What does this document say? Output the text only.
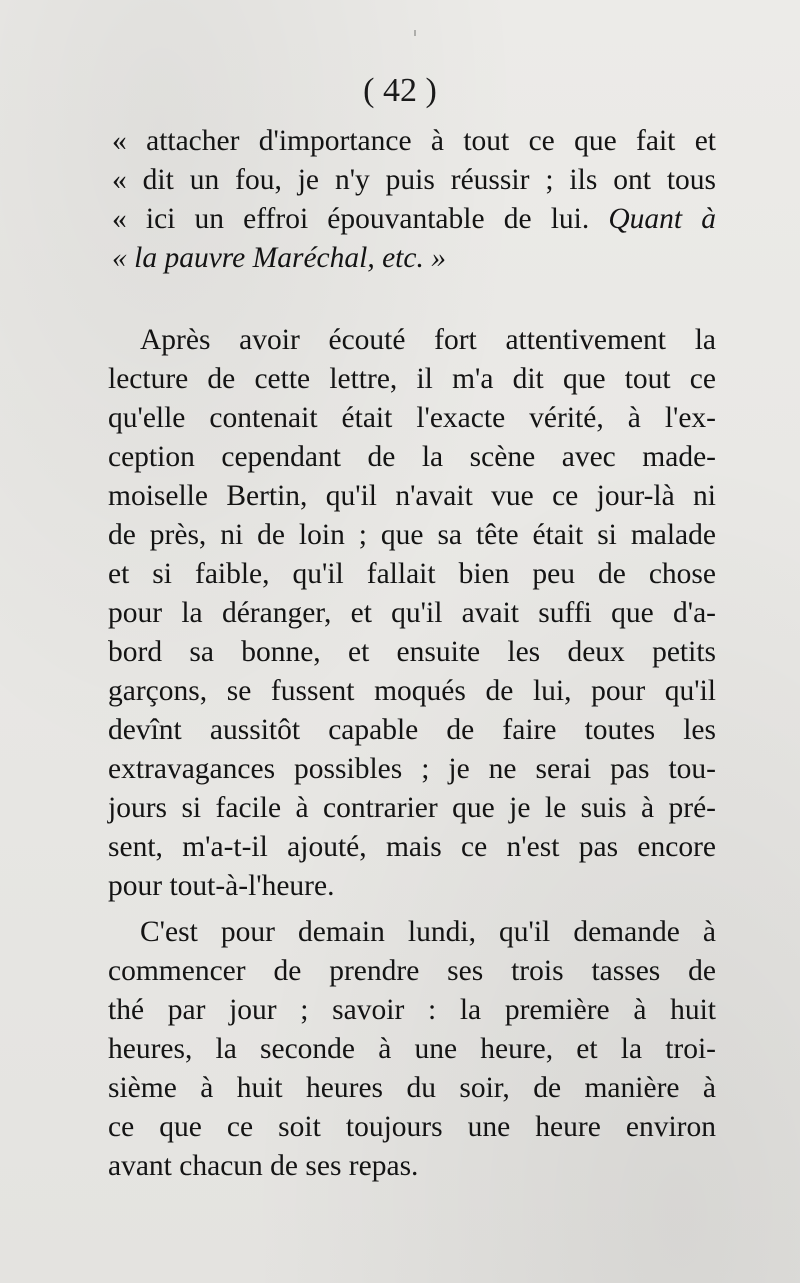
( 42 )
« attacher d'importance à tout ce que fait et
« dit un fou, je n'y puis réussir ; ils ont tous
« ici un effroi épouvantable de lui. Quant à
« la pauvre Maréchal, etc. »
Après avoir écouté fort attentivement la
lecture de cette lettre, il m'a dit que tout ce
qu'elle contenait était l'exacte vérité, à l'ex-
ception cependant de la scène avec made-
moiselle Bertin, qu'il n'avait vue ce jour-là ni
de près, ni de loin ; que sa tête était si malade
et si faible, qu'il fallait bien peu de chose
pour la déranger, et qu'il avait suffi que d'a-
bord sa bonne, et ensuite les deux petits
garçons, se fussent moqués de lui, pour qu'il
devînt aussitôt capable de faire toutes les
extravagances possibles ; je ne serai pas tou-
jours si facile à contrarier que je le suis à pré-
sent, m'a-t-il ajouté, mais ce n'est pas encore
pour tout-à-l'heure.
C'est pour demain lundi, qu'il demande à
commencer de prendre ses trois tasses de
thé par jour ; savoir : la première à huit
heures, la seconde à une heure, et la troi-
sième à huit heures du soir, de manière à
ce que ce soit toujours une heure environ
avant chacun de ses repas.
